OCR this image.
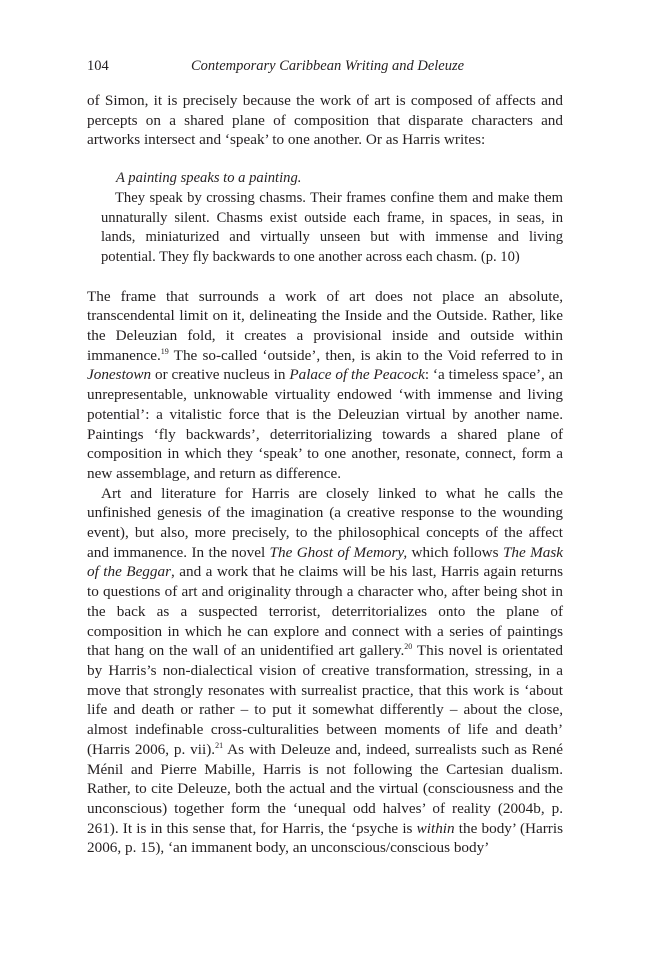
104	Contemporary Caribbean Writing and Deleuze

of Simon, it is precisely because the work of art is composed of affects and percepts on a shared plane of composition that disparate characters and artworks intersect and ‘speak’ to one another. Or as Harris writes:

A painting speaks to a painting.
They speak by crossing chasms. Their frames confine them and make them unnaturally silent. Chasms exist outside each frame, in spaces, in seas, in lands, miniaturized and virtually unseen but with immense and living potential. They fly backwards to one another across each chasm. (p. 10)

The frame that surrounds a work of art does not place an absolute, transcendental limit on it, delineating the Inside and the Outside. Rather, like the Deleuzian fold, it creates a provisional inside and outside within immanence.$^{19}$ The so-called ‘outside’, then, is akin to the Void referred to in Jonestown or creative nucleus in Palace of the Peacock: ‘a timeless space’, an unrepresentable, unknowable virtuality endowed ‘with immense and living potential’: a vitalistic force that is the Deleuzian virtual by another name. Paintings ‘fly backwards’, deterritorializing towards a shared plane of composition in which they ‘speak’ to one another, resonate, connect, form a new assemblage, and return as difference.

Art and literature for Harris are closely linked to what he calls the unfinished genesis of the imagination (a creative response to the wounding event), but also, more precisely, to the philosophical concepts of the affect and immanence. In the novel The Ghost of Memory, which follows The Mask of the Beggar, and a work that he claims will be his last, Harris again returns to questions of art and originality through a character who, after being shot in the back as a suspected terrorist, deterritorializes onto the plane of composition in which he can explore and connect with a series of paintings that hang on the wall of an unidentified art gallery.$^{20}$ This novel is orientated by Harris’s non-dialectical vision of creative transformation, stressing, in a move that strongly resonates with surrealist practice, that this work is ‘about life and death or rather – to put it somewhat differently – about the close, almost indefinable cross-culturalities between moments of life and death’ (Harris 2006, p. vii).$^{21}$ As with Deleuze and, indeed, surrealists such as René Ménil and Pierre Mabille, Harris is not following the Cartesian dualism. Rather, to cite Deleuze, both the actual and the virtual (consciousness and the unconscious) together form the ‘unequal odd halves’ of reality (2004b, p. 261). It is in this sense that, for Harris, the ‘psyche is within the body’ (Harris 2006, p. 15), ‘an immanent body, an unconscious/conscious body’
